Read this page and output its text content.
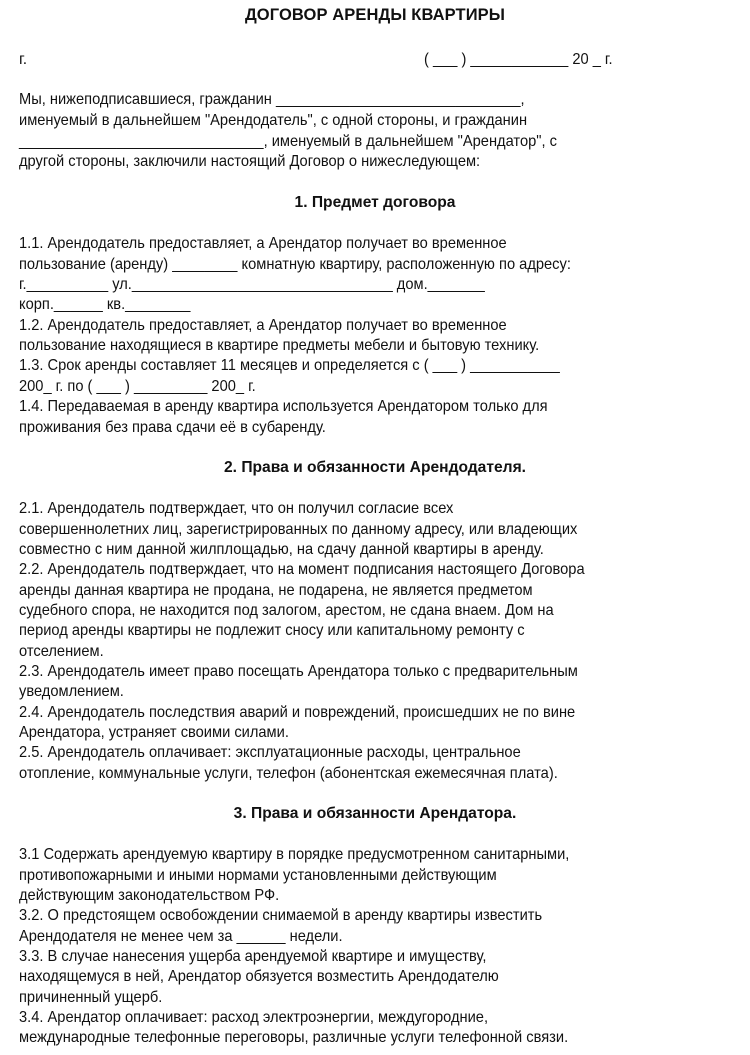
ДОГОВОР АРЕНДЫ КВАРТИРЫ
г.	( ___ ) ____________ 20 _ г.
Мы, нижеподписавшиеся, гражданин ______________________________,
именуемый в дальнейшем "Арендодатель", с одной стороны, и гражданин
______________________________, именуемый в дальнейшем "Арендатор", с
другой стороны, заключили настоящий Договор о нижеследующем:
1. Предмет договора
1.1. Арендодатель предоставляет, а Арендатор получает во временное
пользование (аренду) ________ комнатную квартиру, расположенную по адресу:
г.__________ ул.________________________________ дом._______
корп.______ кв.________
1.2. Арендодатель предоставляет, а Арендатор получает во временное
пользование находящиеся в квартире предметы мебели и бытовую технику.
1.3. Срок аренды составляет 11 месяцев и определяется с ( ___ ) ___________
200_ г. по ( ___ ) _________ 200_ г.
1.4. Передаваемая в аренду квартира используется Арендатором только для
проживания без права сдачи её в субаренду.
2. Права и обязанности Арендодателя.
2.1. Арендодатель подтверждает, что он получил согласие всех
совершеннолетних лиц, зарегистрированных по данному адресу, или владеющих
совместно с ним данной жилплощадью, на сдачу данной квартиры в аренду.
2.2. Арендодатель подтверждает, что на момент подписания настоящего Договора
аренды данная квартира не продана, не подарена, не является предметом
судебного спора, не находится под залогом, арестом, не сдана внаем. Дом на
период аренды квартиры не подлежит сносу или капитальному ремонту с
отселением.
2.3. Арендодатель имеет право посещать Арендатора только с предварительным
уведомлением.
2.4. Арендодатель последствия аварий и повреждений, происшедших не по вине
Арендатора, устраняет своими силами.
2.5. Арендодатель оплачивает: эксплуатационные расходы, центральное
отопление, коммунальные услуги, телефон (абонентская ежемесячная плата).
3. Права и обязанности Арендатора.
3.1 Содержать арендуемую квартиру в порядке предусмотренном санитарными,
противопожарными и иными нормами установленными действующим
действующим законодательством РФ.
3.2. О предстоящем освобождении снимаемой в аренду квартиры известить
Арендодателя не менее чем за ______ недели.
3.3. В случае нанесения ущерба арендуемой квартире и имуществу,
находящемуся в ней, Арендатор обязуется возместить Арендодателю
причиненный ущерб.
3.4. Арендатор оплачивает: расход электроэнергии, междугородние,
международные телефонные переговоры, различные услуги телефонной связи.
